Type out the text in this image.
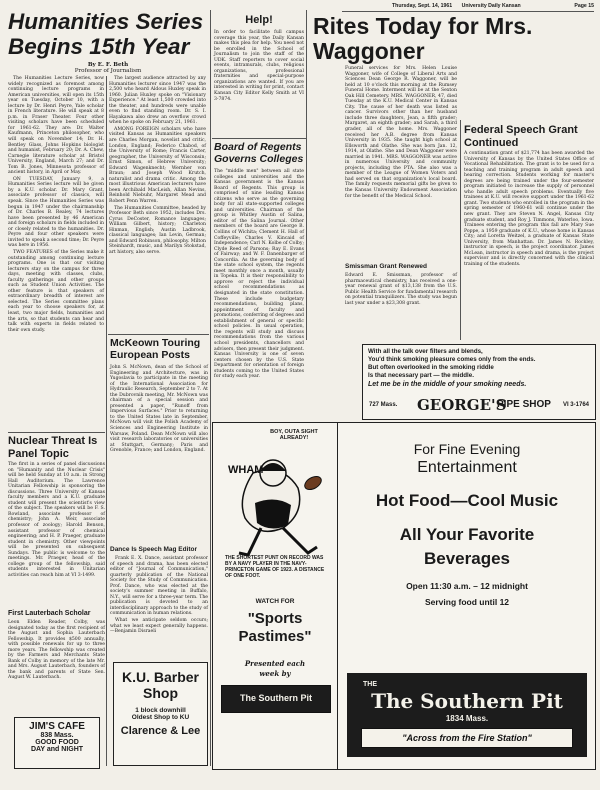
Thursday, Sept. 14, 1961 University Daily Kansan	Page 15
Humanities Series Begins 15th Year
By E. F. Beth
Professor of Journalism

The Humanities Lecture Series, now widely recognized as foremost among continuing lecture programs in American universities, will open its 15th year on Tuesday, October 10, with a lecture by Dr. Henri Peyre, Yale scholar in French literature. He will speak at 8 p.m. in Fraser Theater. Four other visiting scholars have been scheduled for 1961-62. They are: Dr. Walter Kaufmann, Princeton philosopher, who will speak on November 14; Dr. H. Bentley Glass, Johns Hopkins biologist and humanist, February 20; Dr. A. Chew, Carnegie literature scholar at Bristol University, England, March 27; and Dr. Tom B. Jones, Minnesota professor of ancient history, in April or May.

ON TUESDAY, January 9, a Humanities Series lecture will be given by a K.U. scholar. Dr. Mary Grant, associate professor of classics, will speak. Since the Humanities Series was begun in 1947 under the chairmanship of Dr. Charles B. Realey, 74 lectures have been presented by 46 American and foreign scholars in fields included in or closely related to the humanities. Dr. Peyre and four other speakers were invited to speak a second time; Dr. Peyre was here in 1956.

TWO FEATURES of the Series make it outstanding among continuing lecture programs. One is that our visiting lecturers stay on the campus for three days, meeting with classes, clubs, faculty gatherings and other groups such as Student Union Activities. The other feature is that speakers of extraordinary breadth of interest are selected. The Series committee plans each year to choose speakers for, at least, two major fields, humanities and the arts, so that students can hear and talk with experts in fields related to their own study.

The largest audience attracted by any Humanities lecturer since 1947 was the 2,500 who heard Aldous Huxley speak in 1960. Julian Huxley spoke on "Visionary Experience." At least 1,500 crowded into the theater, and hundreds were unable even to find standing room. Dr. S. I. Hayakawa also drew an overflow crowd when he spoke on February 21, 1961.

AMONG FOREIGN scholars who have visited Kansas as Humanities speakers are Charles Morgan, novelist and critic, London, England; Federico Chabod, of the University of Rome; Francis Carter, geographer, the University of Wisconsin; Ernst Simon, of Hebrew University; Edward Wagenknecht; Wernher von Braun; and Joseph Wood Krutch, naturalist and drama critic. Among the most illustrious American lecturers have been Archibald MacLeish, Allan Nevins, Reinhold Niebuhr, Margaret Mead and Robert Penn Warren.

The Humanities Committee, headed by Professor Beth since 1952, includes Drs. Cyrus DeCoster, Romance languages; William Gilbert, history; Charleton Hinman, English; Austin Ladbrook, classical languages; Ian Levin, German; and Edward Robinson, philosophy. Milton Steinhardt, music, and Marilyn Stokstad, art history, also serve.

Nuclear Threat Is Panel Topic
The first in a series of panel discussions on "Humanity and the Nuclear Crisis" will be held Sunday at 10 a.m. in Strong Hall Auditorium. The Lawrence Unitarian Fellowship is sponsoring the discussions. Three University of Kansas faculty members and a K.U. graduate student will present the scientist's view of the subject. The speakers will be F. S. Rowland, associate professor of chemistry; John A. Weir, associate professor of zoology; Harold Benson, assistant professor of chemical engineering; and H. P. Praeger, graduate student in chemistry. Other viewpoints will be presented on subsequent Sundays. The public is welcome to the meetings. Mr. Praeger, head of the college group of the fellowship, said students interested in Unitarian activities can reach him at VI 3-1499.
First Lauterbach Scholar
Leon Elden Reader, Colby, was designated today as the first recipient of the August and Sophia Lauterbach Fellowship. It provides $500 annually, with possible renewals for up to three more years. The fellowship was created by the Farmers and Merchants State Bank of Colby in memory of the late Mr. and Mrs. August Lauterbach, founders of the bank and parents of State Sen. August W. Lauterbach.
JIM'S CAFE
838 Mass.
GOOD FOOD
DAY and NIGHT
Help!
In order to facilitate full campus coverage this year, the Daily Kansan makes this plea for help. You need not be enrolled in the School of Journalism to join the staff of the UDK. Staff reporters to cover social events, intramurals, clubs, religious organizations, professional fraternities and special-purpose organizations are wanted. If you are interested in writing for print, contact Kansan City Editor Kelly Smith at VI 3-7874.
Board of Regents Governs Colleges
The "middle men" between all state colleges and universities and the Kansas government is the Kansas Board of Regents. This group is comprised of nine leading Kansas citizens who serve as the governing body for all state-supported colleges and universities. Chairman of the group is Whitley Austin of Salina, editor of the Salina Journal. Other members of the board are George B. Collins of Wichita; Clement H. Hall of Coffeyville; Charles V. Kincaid of Independence; Carl N. Kolbe of Colby; Clyde Reed of Parsons; Ray E. Evans of Fairway; and W. F. Danenbarger of Concordia. As the governing body of the state school system, the regents meet monthly once a month, usually in Topeka. It is their responsibility to approve or reject the individual school recommendations as designated in the state constitution. These include budgetary recommendations, building plans, appointment of faculty and promotions, conferring of degrees and establishment of general or specific school policies. In usual operation, the regents will study and discuss recommendations from the various school presidents, chancellors and advisers, then present their judgment. Kansas University is one of seven centers chosen by the U.S. State Department for orientation of foreign students coming to the United States for study each year.
McKeown Touring European Posts
John S. McNown, dean of the School of Engineering and Architecture, was in Yugoslavia to participate in the meeting of the International Association for Hydraulic Research, September 2 to 7. At the Dubrovnik meeting, Mr. McNown was chairman of a special session and presented a paper, "Runoff from Impervious Surfaces." Prior to returning to the United States late in September, McNown will visit the Polish Academy of Sciences and Engineering Institute in Warsaw, Poland. Dean McNown will also visit research laboratories or universities at Stuttgart, Germany; Paris and Grenoble, France; and London, England.
Dance Is Speech Mag Editor

Frank E. X. Dance, assistant professor of speech and drama, has been elected editor of "Journal of Communication," quarterly publication of the National Society for the Study of Communication. Prof. Dance, who was elected at the society's summer meeting in Buffalo, N.Y., will serve for a three-year term. The publication is devoted to an interdisciplinary approach to the study of communication in human relations.

What we anticipate seldom occurs; what we least expect generally happens.—Benjamin Disraeli

K.U. Barber Shop
1 block downhill
Oldest Shop to KU
Clarence & Lee
Rites Today for Mrs. Waggoner
Funeral services for Mrs. Helen Louise Waggoner, wife of College of Liberal Arts and Sciences Dean George R. Waggoner, will be held at 10 o'clock this morning at the Rumsey Funeral Home. Interment will be at the Sexton Oak Hill Cemetery. MRS. WAGGONER, 47, died Tuesday at the K.U. Medical Center in Kansas City. The cause of her death was listed as cancer. Survivors other than her husband include three daughters, Jean, a fifth grader; Margaret, an eighth grader; and Sarah, a third grader, all of the home. Mrs. Waggoner received her A.B. degree from Kansas University in 1935. She taught high school at Ellsworth and Olathe. She was born Jan. 12, 1914, at Olathe. She and Dean Waggoner were married in 1941. MRS. WAGGONER was active in numerous University and community projects, including the PTA. She also was a member of the League of Women Voters and had served on that organization's local board. The family requests memorial gifts be given to the Kansas University Endowment Association for the benefit of the Medical School.
Smissman Grant Renewed
Edward E. Smissman, professor of pharmaceutical chemistry, has received a one-year renewal grant of $13,138 from the U.S. Public Health Service for fundamental research on potential tranquilizers. The study was begun last year under a $23,308 grant.
Federal Speech Grant Continued
A continuation grant of $21,774 has been awarded the University of Kansas by the United States Office of Vocational Rehabilitation. The grant is to be used for a teaching and training program in adult speech and hearing correction. Students working for master's degrees are being trained under the four-semester program initiated to increase the supply of personnel who handle adult speech problems. Eventually five trainees at K.U. will receive support under the 1961-62 grant. Two students who enrolled in the program in the spring semester of 1960-61 will continue under the new grant. They are Steven N. Angel, Kansas City graduate student, and Roy J. Timmons, Waterloo, Iowa. Trainees entering the program this fall are Mary Sue Poppe, a 1959 graduate of K.U., whose home is Kansas City; and Loretta Weitzel, a graduate of Kansas State University, from Manhattan. Dr. James N. Rockley, instructor in speech, is the project coordinator. James McLean, instructor in speech and drama, is the project supervisor and is directly concerned with the clinical training of the students.
With all the talk over filters and blends,
You'd think smoking pleasure comes only from the ends.
But often overlooked in the smoking riddle
Is that necessary part — the middle.
Let me be in the middle of your smoking needs.
727 Mass. GEORGE'S
PIPE SHOP VI 3-1764
BOY, OUTA SIGHT ALREADY!
WHAM
THE SHORTEST PUNT ON RECORD WAS BY A NAVY PLAYER IN THE NAVY-PRINCETON GAME OF 1923. A DISTANCE OF ONE FOOT.
WATCH FOR
"Sports
Pastimes"
Presented each
week by
The Southern Pit
For Fine Evening
Entertainment
Hot Food—Cool Music
All Your Favorite
Beverages
Open 11:30 a.m. – 12 midnight
Serving food until 12
THE
The Southern Pit
1834 Mass.
"Across from the Fire Station"
